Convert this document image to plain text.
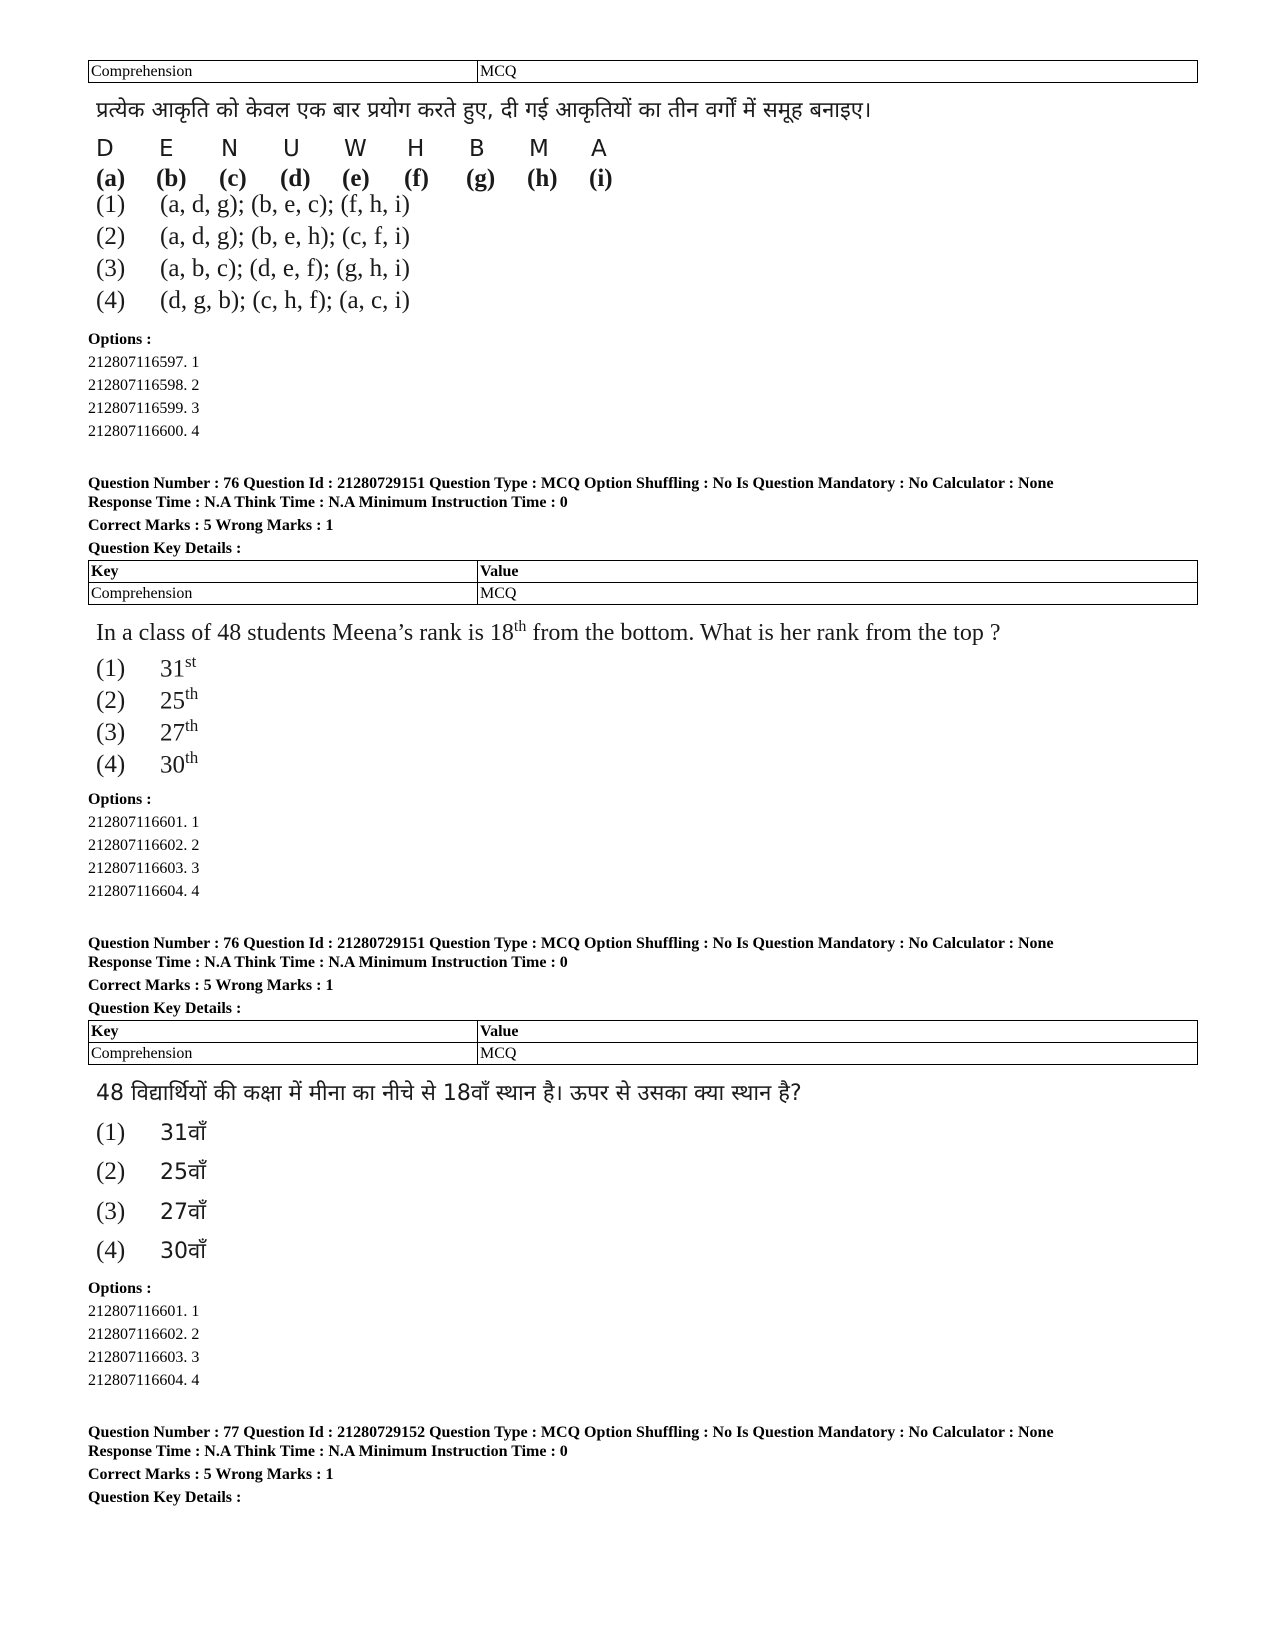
Comprehension	MCQ
प्रत्येक आकृति को केवल एक बार प्रयोग करते हुए, दी गई आकृतियों का तीन वर्गों में समूह बनाइए।
D E N U W H B M A
(a) (b) (c) (d) (e) (f) (g) (h) (i)
(1) (a, d, g); (b, e, c); (f, h, i)
(2) (a, d, g); (b, e, h); (c, f, i)
(3) (a, b, c); (d, e, f); (g, h, i)
(4) (d, g, b); (c, h, f); (a, c, i)
Options :
212807116597. 1
212807116598. 2
212807116599. 3
212807116600. 4
Question Number : 76 Question Id : 21280729151 Question Type : MCQ Option Shuffling : No Is Question Mandatory : No Calculator : None
Response Time : N.A Think Time : N.A Minimum Instruction Time : 0
Correct Marks : 5 Wrong Marks : 1
Question Key Details :
Key	Value
Comprehension	MCQ
In a class of 48 students Meena’s rank is 18th from the bottom. What is her rank from the top ?
(1) 31st
(2) 25th
(3) 27th
(4) 30th
Options :
212807116601. 1
212807116602. 2
212807116603. 3
212807116604. 4
Question Number : 76 Question Id : 21280729151 Question Type : MCQ Option Shuffling : No Is Question Mandatory : No Calculator : None
Response Time : N.A Think Time : N.A Minimum Instruction Time : 0
Correct Marks : 5 Wrong Marks : 1
Question Key Details :
Key	Value
Comprehension	MCQ
48 विद्यार्थियों की कक्षा में मीना का नीचे से 18वाँ स्थान है। ऊपर से उसका क्या स्थान है?
(1) 31वाँ
(2) 25वाँ
(3) 27वाँ
(4) 30वाँ
Options :
212807116601. 1
212807116602. 2
212807116603. 3
212807116604. 4
Question Number : 77 Question Id : 21280729152 Question Type : MCQ Option Shuffling : No Is Question Mandatory : No Calculator : None
Response Time : N.A Think Time : N.A Minimum Instruction Time : 0
Correct Marks : 5 Wrong Marks : 1
Question Key Details :
